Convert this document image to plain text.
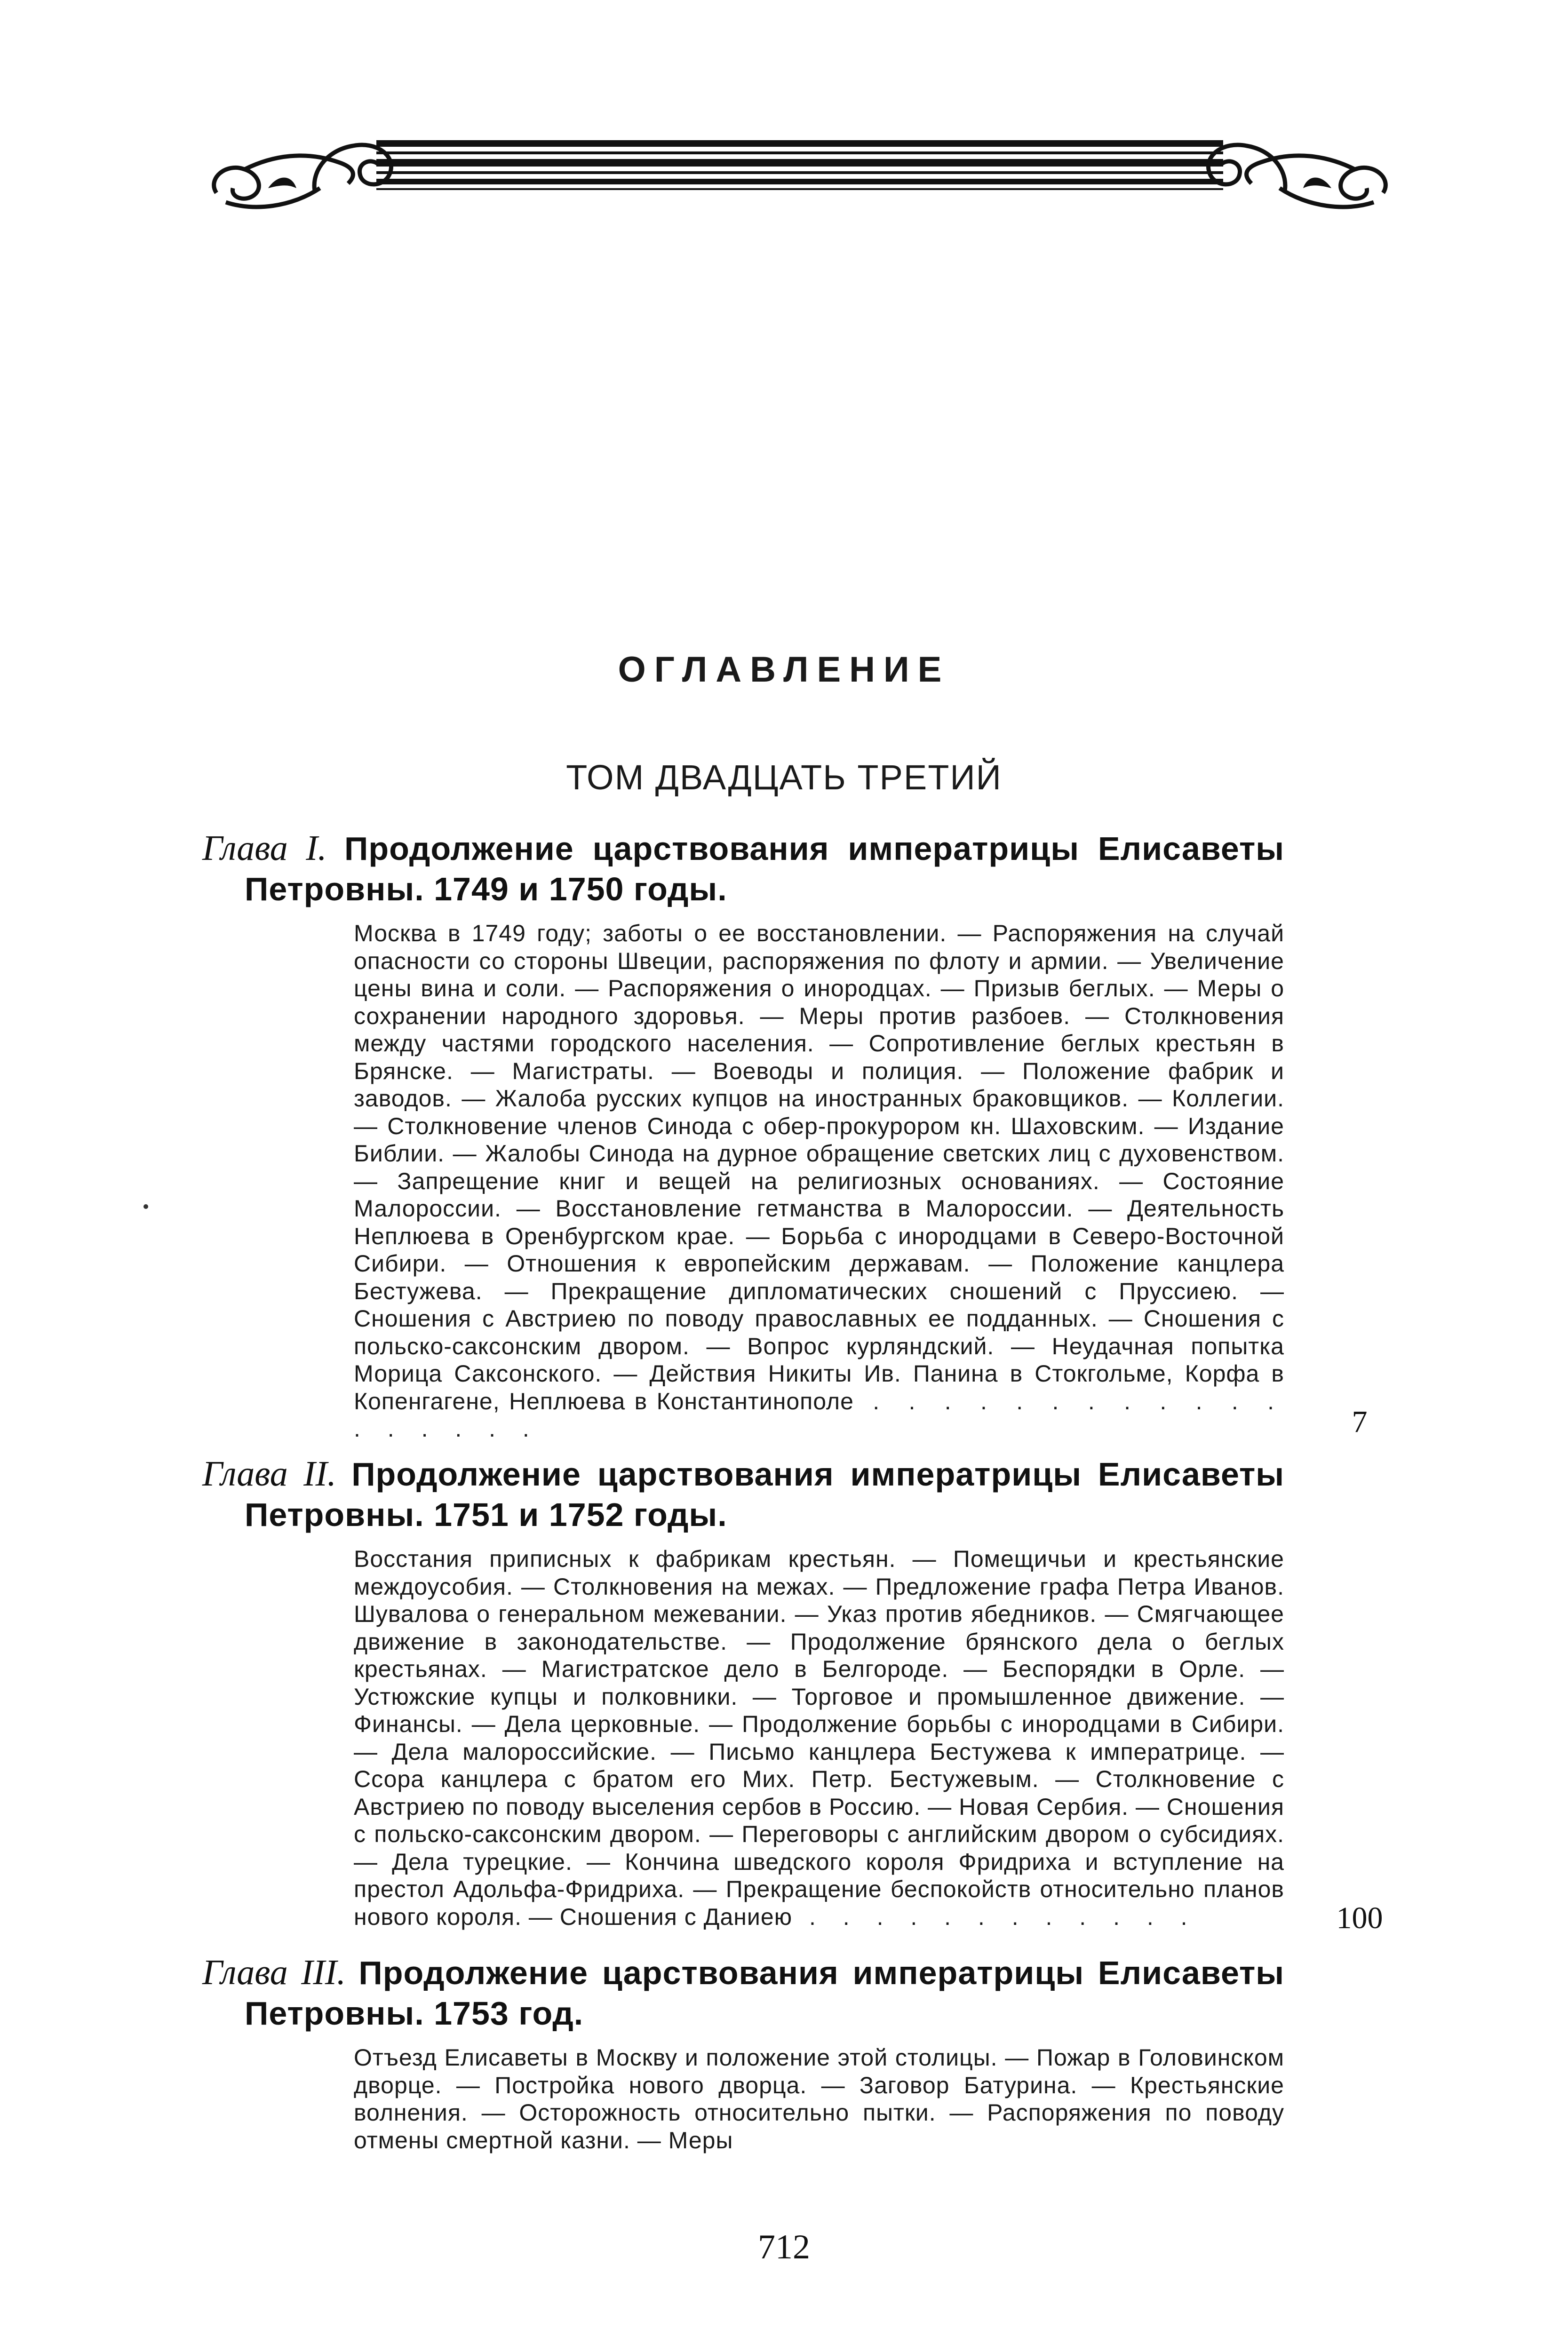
ОГЛАВЛЕНИЕ
ТОМ ДВАДЦАТЬ ТРЕТИЙ
Глава I. Продолжение царствования императрицы Елисаветы Петровны. 1749 и 1750 годы.
Москва в 1749 году; заботы о ее восстановлении. — Распоряжения на случай опасности со стороны Швеции, распоряжения по флоту и армии. — Увеличение цены вина и соли. — Распоряжения о инородцах. — Призыв беглых. — Меры о сохранении народного здоровья. — Меры против разбоев. — Столкновения между частями городского населения. — Сопротивление беглых крестьян в Брянске. — Магистраты. — Воеводы и полиция. — Положение фабрик и заводов. — Жалоба русских купцов на иностранных браковщиков. — Коллегии. — Столкновение членов Синода с обер-прокурором кн. Шаховским. — Издание Библии. — Жалобы Синода на дурное обращение светских лиц с духовенством. — Запрещение книг и вещей на религиозных основаниях. — Состояние Малороссии. — Восстановление гетманства в Малороссии. — Деятельность Неплюева в Оренбургском крае. — Борьба с инородцами в Северо-Восточной Сибири. — Отношения к европейским державам. — Положение канцлера Бестужева. — Прекращение дипломатических сношений с Пруссиею. — Сношения с Австриею по поводу православных ее подданных. — Сношения с польско-саксонским двором. — Вопрос курляндский. — Неудачная попытка Морица Саксонского. — Действия Никиты Ив. Панина в Стокгольме, Корфа в Копенгагене, Неплюева в Константинополе . . . . . . . . . . . . . . . . . .	7
Глава II. Продолжение царствования императрицы Елисаветы Петровны. 1751 и 1752 годы.
Восстания приписных к фабрикам крестьян. — Помещичьи и крестьянские междоусобия. — Столкновения на межах. — Предложение графа Петра Иванов. Шувалова о генеральном межевании. — Указ против ябедников. — Смягчающее движение в законодательстве. — Продолжение брянского дела о беглых крестьянах. — Магистратское дело в Белгороде. — Беспорядки в Орле. — Устюжские купцы и полковники. — Торговое и промышленное движение. — Финансы. — Дела церковные. — Продолжение борьбы с инородцами в Сибири. — Дела малороссийские. — Письмо канцлера Бестужева к императрице. — Ссора канцлера с братом его Мих. Петр. Бестужевым. — Столкновение с Австриею по поводу выселения сербов в Россию. — Новая Сербия. — Сношения с польско-саксонским двором. — Переговоры с английским двором о субсидиях. — Дела турецкие. — Кончина шведского короля Фридриха и вступление на престол Адольфа-Фридриха. — Прекращение беспокойств относительно планов нового короля. — Сношения с Даниею . . . . . . . . . . . .	100
Глава III. Продолжение царствования императрицы Елисаветы Петровны. 1753 год.
Отъезд Елисаветы в Москву и положение этой столицы. — Пожар в Головинском дворце. — Постройка нового дворца. — Заговор Батурина. — Крестьянские волнения. — Осторожность относительно пытки. — Распоряжения по поводу отмены смертной казни. — Меры
712
